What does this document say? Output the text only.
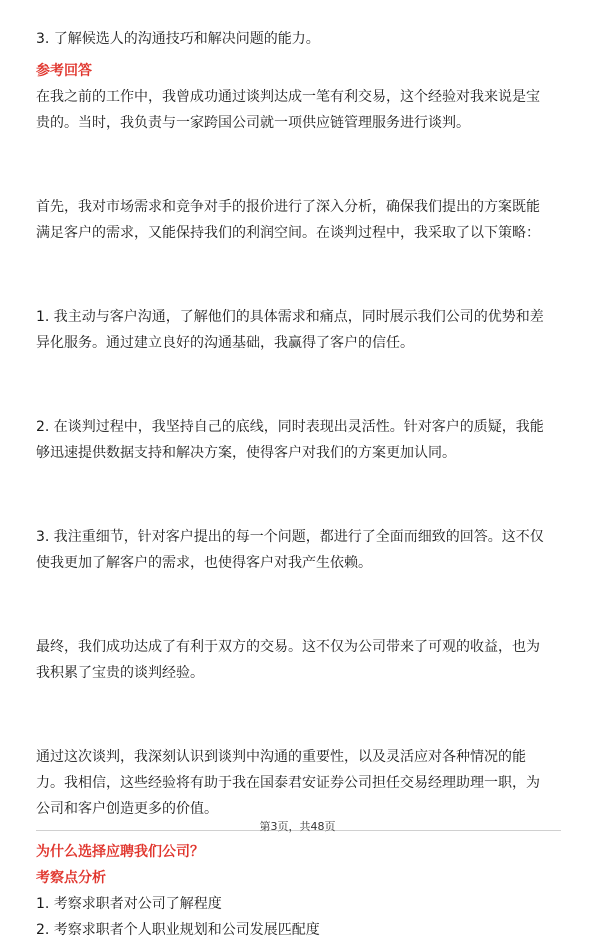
3. 了解候选人的沟通技巧和解决问题的能力。

参考回答

在我之前的工作中，我曾成功通过谈判达成一笔有利交易，这个经验对我来说是宝

贵的。当时，我负责与一家跨国公司就一项供应链管理服务进行谈判。

首先，我对市场需求和竞争对手的报价进行了深入分析，确保我们提出的方案既能

满足客户的需求，又能保持我们的利润空间。在谈判过程中，我采取了以下策略：

1. 我主动与客户沟通，了解他们的具体需求和痛点，同时展示我们公司的优势和差

异化服务。通过建立良好的沟通基础，我赢得了客户的信任。

2. 在谈判过程中，我坚持自己的底线，同时表现出灵活性。针对客户的质疑，我能

够迅速提供数据支持和解决方案，使得客户对我们的方案更加认同。

3. 我注重细节，针对客户提出的每一个问题，都进行了全面而细致的回答。这不仅

使我更加了解客户的需求，也使得客户对我产生依赖。

最终，我们成功达成了有利于双方的交易。这不仅为公司带来了可观的收益，也为

我积累了宝贵的谈判经验。

通过这次谈判，我深刻认识到谈判中沟通的重要性，以及灵活应对各种情况的能

力。我相信，这些经验将有助于我在国泰君安证券公司担任交易经理助理一职，为

公司和客户创造更多的价值。

为什么选择应聘我们公司？

考察点分析

1. 考察求职者对公司了解程度

2. 考察求职者个人职业规划和公司发展匹配度

第3页，共48页
